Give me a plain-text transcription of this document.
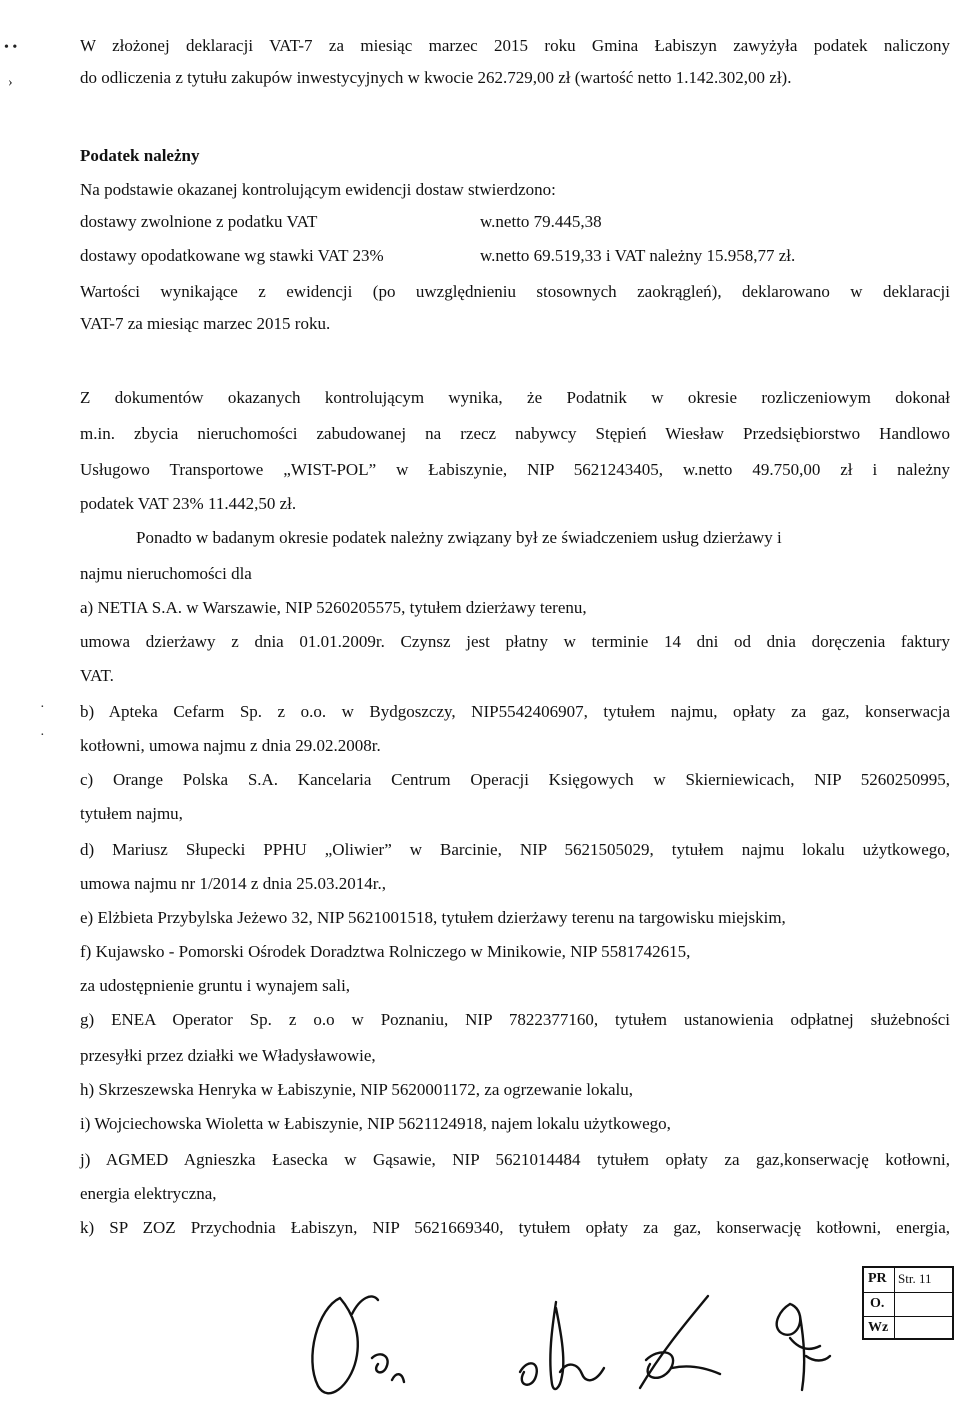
• •
›
·
·
W złożonej deklaracji VAT-7 za miesiąc marzec 2015 roku Gmina Łabiszyn zawyżyła podatek naliczony
do odliczenia z tytułu zakupów inwestycyjnych w kwocie 262.729,00 zł (wartość netto 1.142.302,00 zł).
Podatek należny
Na podstawie okazanej kontrolującym ewidencji dostaw stwierdzono:
dostawy zwolnione z podatku VAT	w.netto 79.445,38
dostawy opodatkowane wg stawki VAT 23%	w.netto 69.519,33 i VAT należny 15.958,77 zł.
Wartości wynikające z ewidencji (po uwzględnieniu stosownych zaokrągleń), deklarowano w deklaracji
VAT-7 za miesiąc marzec 2015 roku.
Z dokumentów okazanych kontrolującym wynika, że Podatnik w okresie rozliczeniowym dokonał
m.in. zbycia nieruchomości zabudowanej na rzecz nabywcy Stępień Wiesław Przedsiębiorstwo Handlowo
Usługowo Transportowe „WIST-POL” w Łabiszynie, NIP 5621243405, w.netto 49.750,00 zł i należny
podatek VAT 23% 11.442,50 zł.
Ponadto w badanym okresie podatek należny związany był ze świadczeniem usług dzierżawy i
najmu nieruchomości dla
a) NETIA S.A. w Warszawie, NIP 5260205575, tytułem dzierżawy terenu,
umowa dzierżawy z dnia 01.01.2009r. Czynsz jest płatny w terminie 14 dni od dnia doręczenia faktury
VAT.
b) Apteka Cefarm Sp. z o.o. w Bydgoszczy, NIP5542406907, tytułem najmu, opłaty za gaz, konserwacja
kotłowni, umowa najmu z dnia 29.02.2008r.
c) Orange Polska S.A. Kancelaria Centrum Operacji Księgowych w Skierniewicach, NIP 5260250995,
tytułem najmu,
d) Mariusz Słupecki PPHU „Oliwier” w Barcinie, NIP 5621505029, tytułem najmu lokalu użytkowego,
umowa najmu nr 1/2014 z dnia 25.03.2014r.,
e) Elżbieta Przybylska Jeżewo 32, NIP 5621001518, tytułem dzierżawy terenu na targowisku miejskim,
f) Kujawsko - Pomorski Ośrodek Doradztwa Rolniczego w Minikowie, NIP 5581742615,
za udostępnienie gruntu i wynajem sali,
g) ENEA Operator Sp. z o.o w Poznaniu, NIP 7822377160, tytułem ustanowienia odpłatnej służebności
przesyłki przez działki we Władysławowie,
h) Skrzeszewska Henryka w Łabiszynie, NIP 5620001172, za ogrzewanie lokalu,
i) Wojciechowska Wioletta w Łabiszynie, NIP 5621124918, najem lokalu użytkowego,
j) AGMED Agnieszka Łasecka w Gąsawie, NIP 5621014484 tytułem opłaty za gaz,konserwację kotłowni,
energia elektryczna,
k) SP ZOZ Przychodnia Łabiszyn, NIP 5621669340, tytułem opłaty za gaz, konserwację kotłowni, energia,
PR Str. 11
O.
Wz
